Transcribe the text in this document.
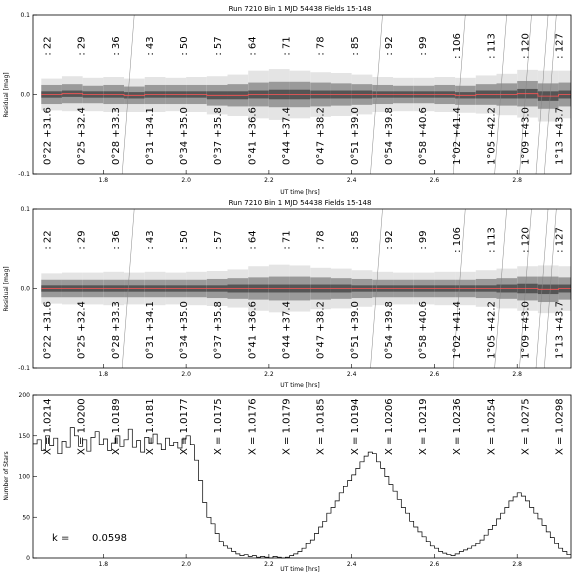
Run 7210 Bin 1 MJD 54438 Fields 15-148
: 22 : 29 : 36 : 43 : 50 : 57 : 64 : 71 : 78 : 85 : 92 : 99 : 106 : 113 : 120 : 127
0°22 +31.6 0°25 +32.4 0°28 +33.3 0°31 +34.1 0°34 +35.0 0°37 +35.8 0°41 +36.6 0°44 +37.4 0°47 +38.2 0°51 +39.0 0°54 +39.8 0°58 +40.6 1°02 +41.4 1°05 +42.2 1°09 +43.0 1°13 +43.7
1.8	2.0	2.2	2.4	2.6	2.8
-0.1
0.0
0.1
UT time [hrs]
Residual [mag]
Run 7210 Bin 1 MJD 54438 Fields 15-148
: 22 : 29 : 36 : 43 : 50 : 57 : 64 : 71 : 78 : 85 : 92 : 99 : 106 : 113 : 120 : 127
0°22 +31.6 0°25 +32.4 0°28 +33.3 0°31 +34.1 0°34 +35.0 0°37 +35.8 0°41 +36.6 0°44 +37.4 0°47 +38.2 0°51 +39.0 0°54 +39.8 0°58 +40.6 1°02 +41.4 1°05 +42.2 1°09 +43.0 1°13 +43.7
1.8	2.0	2.2	2.4	2.6	2.8
-0.1
0.0
0.1
UT time [hrs]
Residual [mag]
X = 1.0214 X = 1.0200 X = 1.0189 X = 1.0181 X = 1.0177 X = 1.0175 X = 1.0176 X = 1.0179 X = 1.0185 X = 1.0194 X = 1.0206 X = 1.0219 X = 1.0236 X = 1.0254 X = 1.0275 X = 1.0298
1.8	2.0	2.2	2.4	2.6	2.8
0
50
100
150
200
k = 0.0598
UT time [hrs]
Number of Stars
